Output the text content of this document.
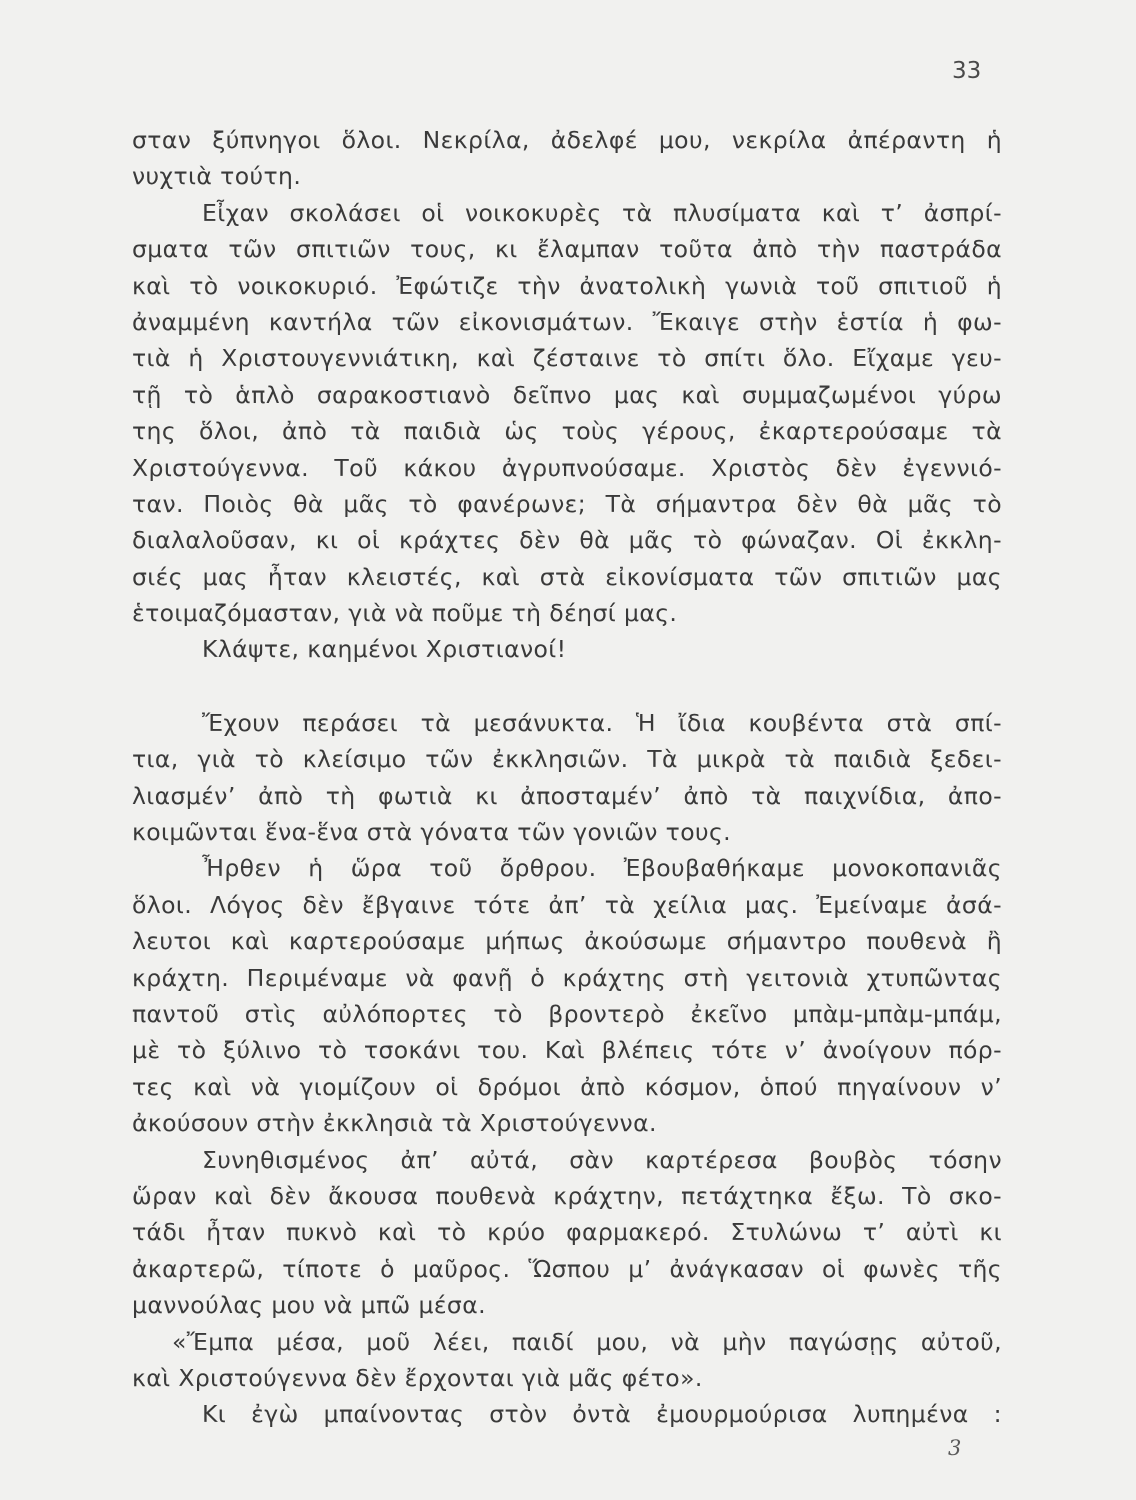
33
σταν ξύπνηγοι ὅλοι. Νεκρίλα, ἀδελφέ μου, νεκρίλα ἀπέραντη ἡ
νυχτιὰ τούτη.
Εἶχαν σκολάσει οἱ νοικοκυρὲς τὰ πλυσίματα καὶ τ’ ἀσπρί-
σματα τῶν σπιτιῶν τους, κι ἔλαμπαν τοῦτα ἀπὸ τὴν παστράδα
καὶ τὸ νοικοκυριό. Ἐφώτιζε τὴν ἀνατολικὴ γωνιὰ τοῦ σπιτιοῦ ἡ
ἀναμμένη καντήλα τῶν εἰκονισμάτων. Ἔκαιγε στὴν ἑστία ἡ φω-
τιὰ ἡ Χριστουγεννιάτικη, καὶ ζέσταινε τὸ σπίτι ὅλο. Εἴχαμε γευ-
τῇ τὸ ἁπλὸ σαρακοστιανὸ δεῖπνο μας καὶ συμμαζωμένοι γύρω
της ὅλοι, ἀπὸ τὰ παιδιὰ ὡς τοὺς γέρους, ἐκαρτερούσαμε τὰ
Χριστούγεννα. Τοῦ κάκου ἀγρυπνούσαμε. Χριστὸς δὲν ἐγεννιό-
ταν. Ποιὸς θὰ μᾶς τὸ φανέρωνε; Τὰ σήμαντρα δὲν θὰ μᾶς τὸ
διαλαλοῦσαν, κι οἱ κράχτες δὲν θὰ μᾶς τὸ φώναζαν. Οἱ ἐκκλη-
σιές μας ἦταν κλειστές, καὶ στὰ εἰκονίσματα τῶν σπιτιῶν μας
ἑτοιμαζόμασταν, γιὰ νὰ ποῦμε τὴ δέησί μας.
Κλάψτε, καημένοι Χριστιανοί!
Ἔχουν περάσει τὰ μεσάνυκτα. Ἡ ἴδια κουβέντα στὰ σπί-
τια, γιὰ τὸ κλείσιμο τῶν ἐκκλησιῶν. Τὰ μικρὰ τὰ παιδιὰ ξεδει-
λιασμέν’ ἀπὸ τὴ φωτιὰ κι ἀποσταμέν’ ἀπὸ τὰ παιχνίδια, ἀπο-
κοιμῶνται ἕνα-ἕνα στὰ γόνατα τῶν γονιῶν τους.
Ἦρθεν ἡ ὥρα τοῦ ὄρθρου. Ἐβουβαθήκαμε μονοκοπανιᾶς
ὅλοι. Λόγος δὲν ἔβγαινε τότε ἀπ’ τὰ χείλια μας. Ἐμείναμε ἀσά-
λευτοι καὶ καρτερούσαμε μήπως ἀκούσωμε σήμαντρο πουθενὰ ἢ
κράχτη. Περιμέναμε νὰ φανῇ ὁ κράχτης στὴ γειτονιὰ χτυπῶντας
παντοῦ στὶς αὐλόπορτες τὸ βροντερὸ ἐκεῖνο μπὰμ-μπὰμ-μπάμ,
μὲ τὸ ξύλινο τὸ τσοκάνι του. Καὶ βλέπεις τότε ν’ ἀνοίγουν πόρ-
τες καὶ νὰ γιομίζουν οἱ δρόμοι ἀπὸ κόσμον, ὁπού πηγαίνουν ν’
ἀκούσουν στὴν ἐκκλησιὰ τὰ Χριστούγεννα.
Συνηθισμένος ἀπ’ αὐτά, σὰν καρτέρεσα βουβὸς τόσην
ὥραν καὶ δὲν ἄκουσα πουθενὰ κράχτην, πετάχτηκα ἔξω. Τὸ σκο-
τάδι ἦταν πυκνὸ καὶ τὸ κρύο φαρμακερό. Στυλώνω τ’ αὐτὶ κι
ἀκαρτερῶ, τίποτε ὁ μαῦρος. Ὥσπου μ’ ἀνάγκασαν οἱ φωνὲς τῆς
μαννούλας μου νὰ μπῶ μέσα.
«Ἔμπα μέσα, μοῦ λέει, παιδί μου, νὰ μὴν παγώσῃς αὐτοῦ,
καὶ Χριστούγεννα δὲν ἔρχονται γιὰ μᾶς φέτο».
Κι ἐγὼ μπαίνοντας στὸν ὀντὰ ἐμουρμούρισα λυπημένα :
3
